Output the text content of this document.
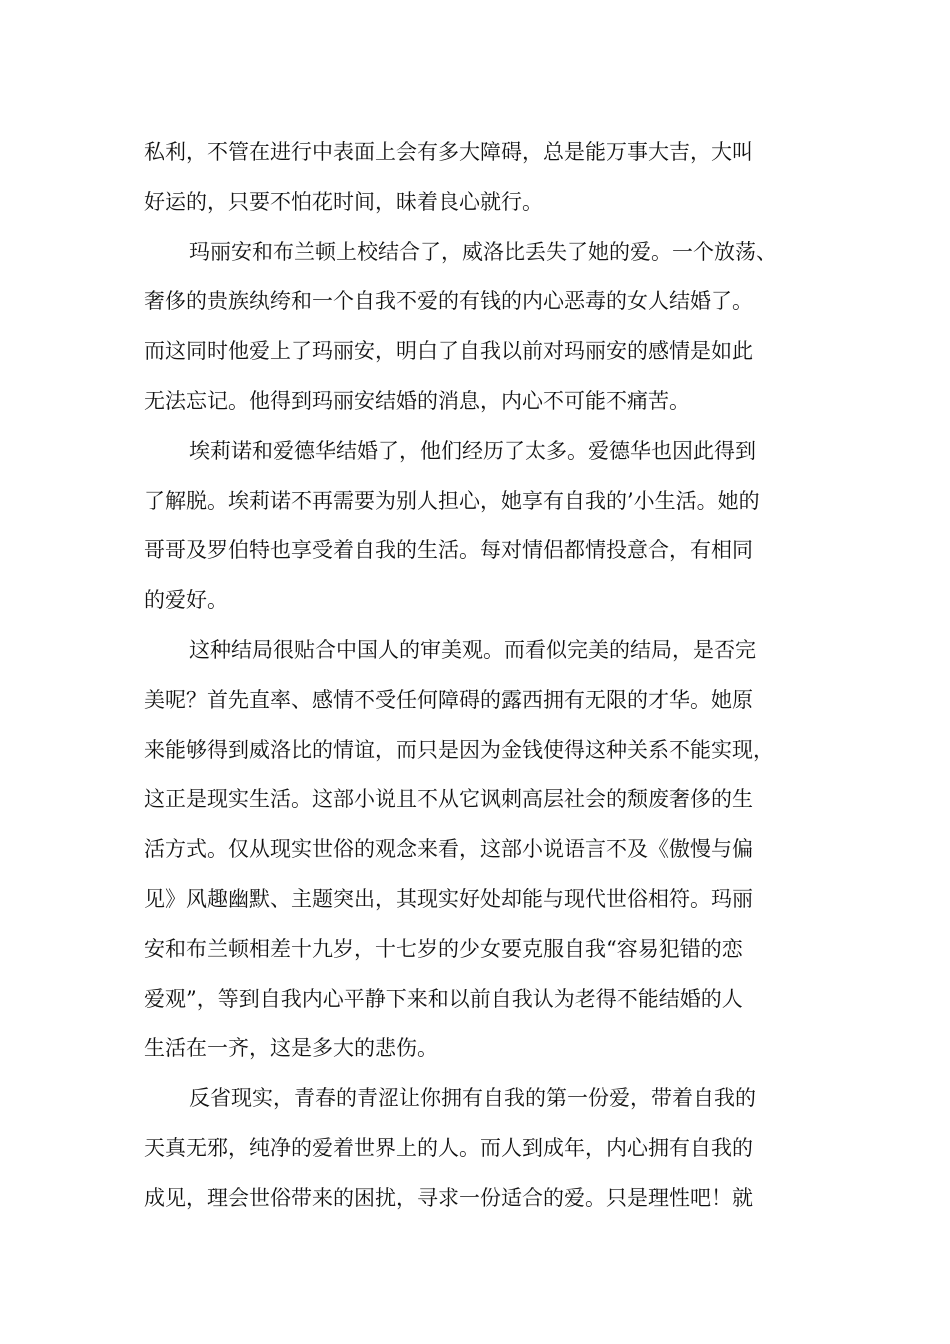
私利，不管在进行中表面上会有多大障碍，总是能万事大吉，大叫
好运的，只要不怕花时间，昧着良心就行。

玛丽安和布兰顿上校结合了，威洛比丢失了她的爱。一个放荡、
奢侈的贵族纨绔和一个自我不爱的有钱的内心恶毒的女人结婚了。
而这同时他爱上了玛丽安，明白了自我以前对玛丽安的感情是如此
无法忘记。他得到玛丽安结婚的消息，内心不可能不痛苦。

埃莉诺和爱德华结婚了，他们经历了太多。爱德华也因此得到
了解脱。埃莉诺不再需要为别人担心，她享有自我的’小生活。她的
哥哥及罗伯特也享受着自我的生活。每对情侣都情投意合，有相同
的爱好。

这种结局很贴合中国人的审美观。而看似完美的结局，是否完
美呢？首先直率、感情不受任何障碍的露西拥有无限的才华。她原
来能够得到威洛比的情谊，而只是因为金钱使得这种关系不能实现，
这正是现实生活。这部小说且不从它讽刺高层社会的颓废奢侈的生
活方式。仅从现实世俗的观念来看，这部小说语言不及《傲慢与偏
见》风趣幽默、主题突出，其现实好处却能与现代世俗相符。玛丽
安和布兰顿相差十九岁，十七岁的少女要克服自我“容易犯错的恋
爱观”，等到自我内心平静下来和以前自我认为老得不能结婚的人
生活在一齐，这是多大的悲伤。

反省现实，青春的青涩让你拥有自我的第一份爱，带着自我的
天真无邪，纯净的爱着世界上的人。而人到成年，内心拥有自我的
成见，理会世俗带来的困扰，寻求一份适合的爱。只是理性吧！就
